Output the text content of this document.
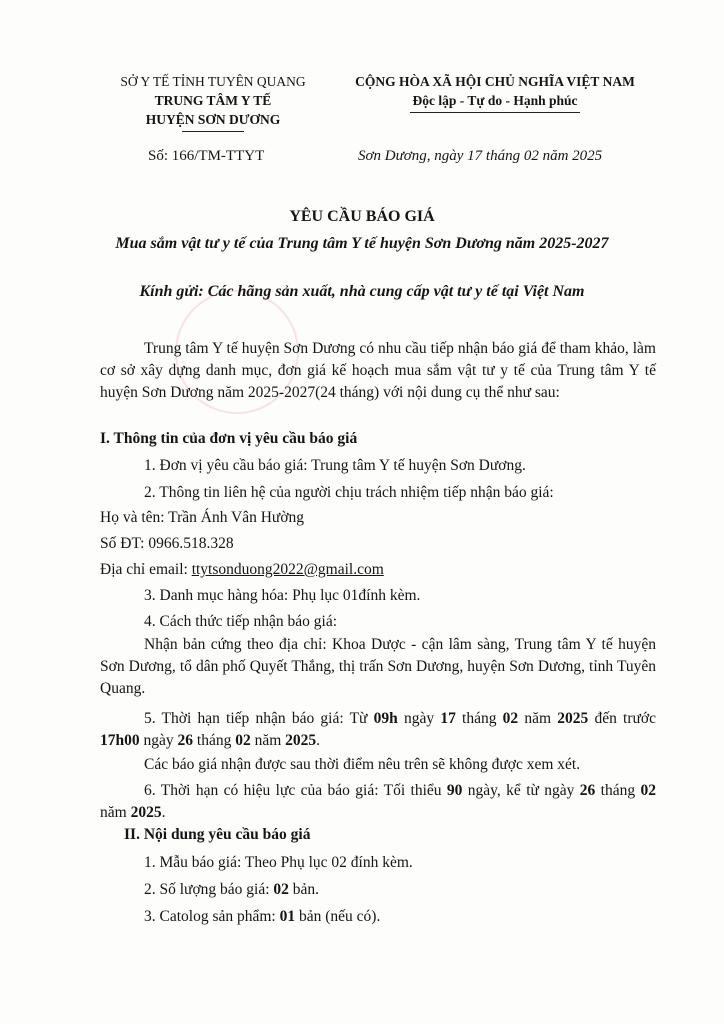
SỞ Y TẾ TỈNH TUYÊN QUANG
TRUNG TÂM Y TẾ
HUYỆN SƠN DƯƠNG
CỘNG HÒA XÃ HỘI CHỦ NGHĨA VIỆT NAM
Độc lập - Tự do - Hạnh phúc
Số: 166/TM-TTYT	Sơn Dương, ngày 17 tháng 02 năm 2025
YÊU CẦU BÁO GIÁ
Mua sắm vật tư y tế của Trung tâm Y tế huyện Sơn Dương năm 2025-2027
Kính gửi: Các hãng sản xuất, nhà cung cấp vật tư y tế tại Việt Nam
Trung tâm Y tế huyện Sơn Dương có nhu cầu tiếp nhận báo giá để tham khảo, làm cơ sở xây dựng danh mục, đơn giá kế hoạch mua sắm vật tư y tế của Trung tâm Y tế huyện Sơn Dương năm 2025-2027(24 tháng) với nội dung cụ thể như sau:
I. Thông tin của đơn vị yêu cầu báo giá
1. Đơn vị yêu cầu báo giá: Trung tâm Y tế huyện Sơn Dương.
2. Thông tin liên hệ của người chịu trách nhiệm tiếp nhận báo giá:
Họ và tên: Trần Ánh Vân Hường
Số ĐT: 0966.518.328
Địa chỉ email: ttytsonduong2022@gmail.com
3. Danh mục hàng hóa: Phụ lục 01đính kèm.
4. Cách thức tiếp nhận báo giá:
Nhận bản cứng theo địa chỉ: Khoa Dược - cận lâm sàng, Trung tâm Y tế huyện Sơn Dương, tổ dân phố Quyết Thắng, thị trấn Sơn Dương, huyện Sơn Dương, tỉnh Tuyên Quang.
5. Thời hạn tiếp nhận báo giá: Từ 09h ngày 17 tháng 02 năm 2025 đến trước 17h00 ngày 26 tháng 02 năm 2025.
Các báo giá nhận được sau thời điểm nêu trên sẽ không được xem xét.
6. Thời hạn có hiệu lực của báo giá: Tối thiểu 90 ngày, kể từ ngày 26 tháng 02 năm 2025.
II. Nội dung yêu cầu báo giá
1. Mẫu báo giá: Theo Phụ lục 02 đính kèm.
2. Số lượng báo giá: 02 bản.
3. Catolog sản phẩm: 01 bản (nếu có).
